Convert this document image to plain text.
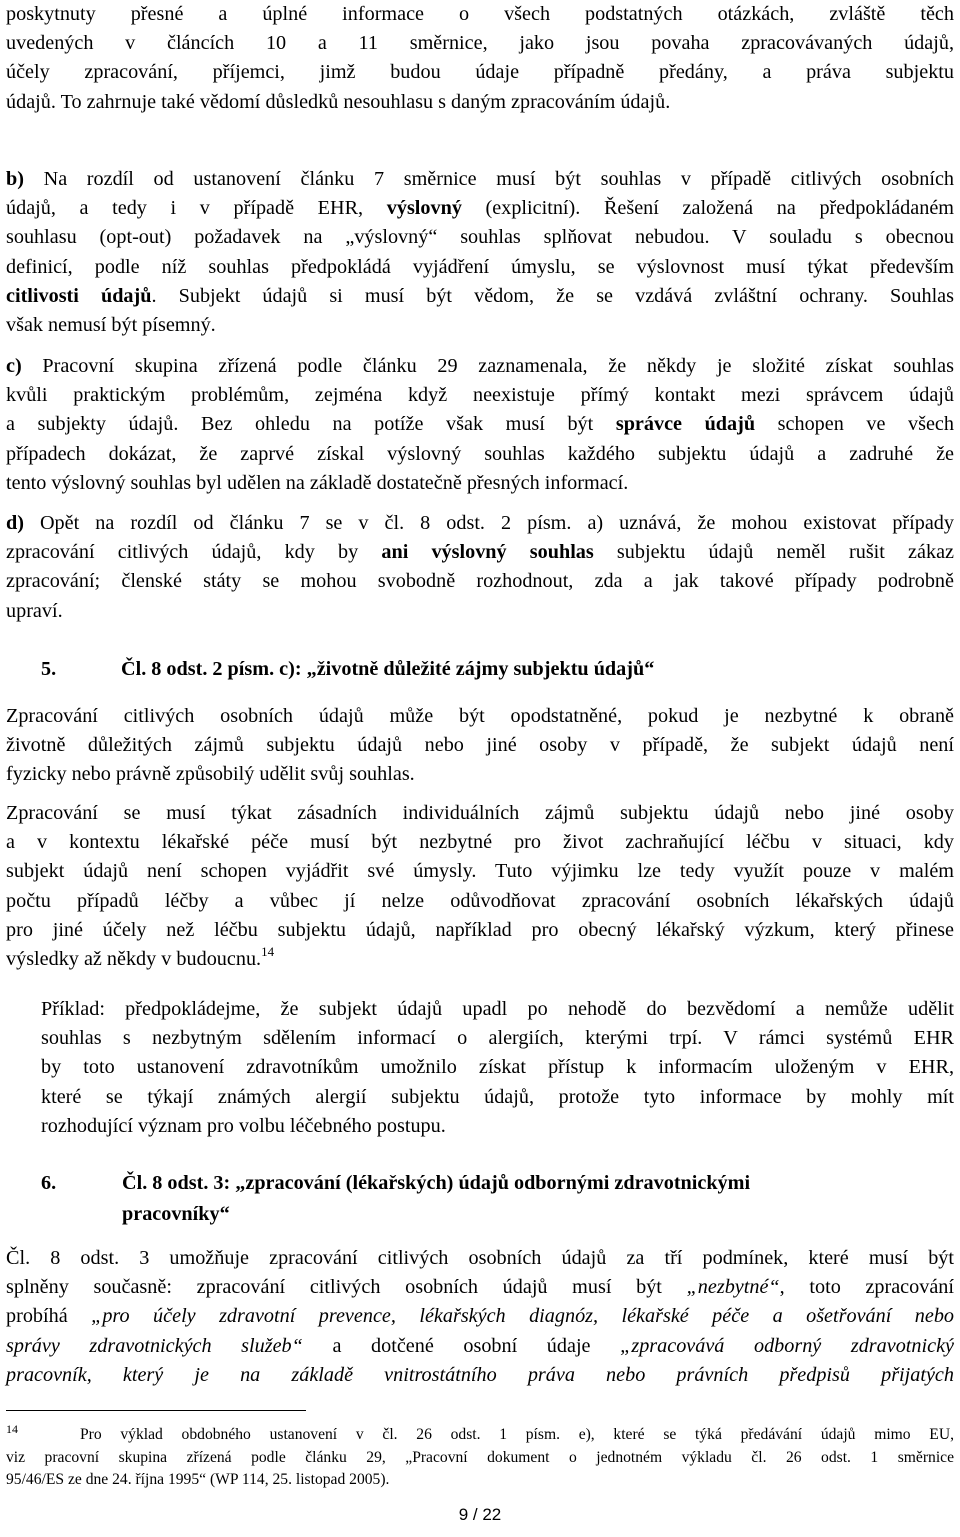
poskytnuty přesné a úplné informace o všech podstatných otázkách, zvláště těch
uvedených v článcích 10 a 11 směrnice, jako jsou povaha zpracovávaných údajů,
účely zpracování, příjemci, jimž budou údaje případně předány, a práva subjektu
údajů. To zahrnuje také vědomí důsledků nesouhlasu s daným zpracováním údajů.
b) Na rozdíl od ustanovení článku 7 směrnice musí být souhlas v případě citlivých osobních
údajů, a tedy i v případě EHR, výslovný (explicitní). Řešení založená na předpokládaném
souhlasu (opt-out) požadavek na „výslovný“ souhlas splňovat nebudou. V souladu s obecnou
definicí, podle níž souhlas předpokládá vyjádření úmyslu, se výslovnost musí týkat především
citlivosti údajů. Subjekt údajů si musí být vědom, že se vzdává zvláštní ochrany. Souhlas
však nemusí být písemný.
c) Pracovní skupina zřízená podle článku 29 zaznamenala, že někdy je složité získat souhlas
kvůli praktickým problémům, zejména když neexistuje přímý kontakt mezi správcem údajů
a subjekty údajů. Bez ohledu na potíže však musí být správce údajů schopen ve všech
případech dokázat, že zaprvé získal výslovný souhlas každého subjektu údajů a zadruhé že
tento výslovný souhlas byl udělen na základě dostatečně přesných informací.
d) Opět na rozdíl od článku 7 se v čl. 8 odst. 2 písm. a) uznává, že mohou existovat případy
zpracování citlivých údajů, kdy by ani výslovný souhlas subjektu údajů neměl rušit zákaz
zpracování; členské státy se mohou svobodně rozhodnout, zda a jak takové případy podrobně
upraví.
5.	Čl. 8 odst. 2 písm. c): „životně důležité zájmy subjektu údajů“
Zpracování citlivých osobních údajů může být opodstatněné, pokud je nezbytné k obraně
životně důležitých zájmů subjektu údajů nebo jiné osoby v případě, že subjekt údajů není
fyzicky nebo právně způsobilý udělit svůj souhlas.
Zpracování se musí týkat zásadních individuálních zájmů subjektu údajů nebo jiné osoby
a v kontextu lékařské péče musí být nezbytné pro život zachraňující léčbu v situaci, kdy
subjekt údajů není schopen vyjádřit své úmysly. Tuto výjimku lze tedy využít pouze v malém
počtu případů léčby a vůbec jí nelze odůvodňovat zpracování osobních lékařských údajů
pro jiné účely než léčbu subjektu údajů, například pro obecný lékařský výzkum, který přinese
výsledky až někdy v budoucnu.$^{14}$
Příklad: předpokládejme, že subjekt údajů upadl po nehodě do bezvědomí a nemůže udělit
souhlas s nezbytným sdělením informací o alergiích, kterými trpí. V rámci systémů EHR
by toto ustanovení zdravotníkům umožnilo získat přístup k informacím uloženým v EHR,
které se týkají známých alergií subjektu údajů, protože tyto informace by mohly mít
rozhodující význam pro volbu léčebného postupu.
6.	Čl. 8 odst. 3: „zpracování (lékařských) údajů odbornými zdravotnickými
pracovníky“
Čl. 8 odst. 3 umožňuje zpracování citlivých osobních údajů za tří podmínek, které musí být
splněny současně: zpracování citlivých osobních údajů musí být „nezbytné“, toto zpracování
probíhá „pro účely zdravotní prevence, lékařských diagnóz, lékařské péče a ošetřování nebo
správy zdravotnických služeb“ a dotčené osobní údaje „zpracovává odborný zdravotnický
pracovník, který je na základě vnitrostátního práva nebo právních předpisů přijatých
14	Pro výklad obdobného ustanovení v čl. 26 odst. 1 písm. e), které se týká předávání údajů mimo EU,
viz pracovní skupina zřízená podle článku 29, „Pracovní dokument o jednotném výkladu čl. 26 odst. 1 směrnice
95/46/ES ze dne 24. října 1995“ (WP 114, 25. listopad 2005).
9 / 22
